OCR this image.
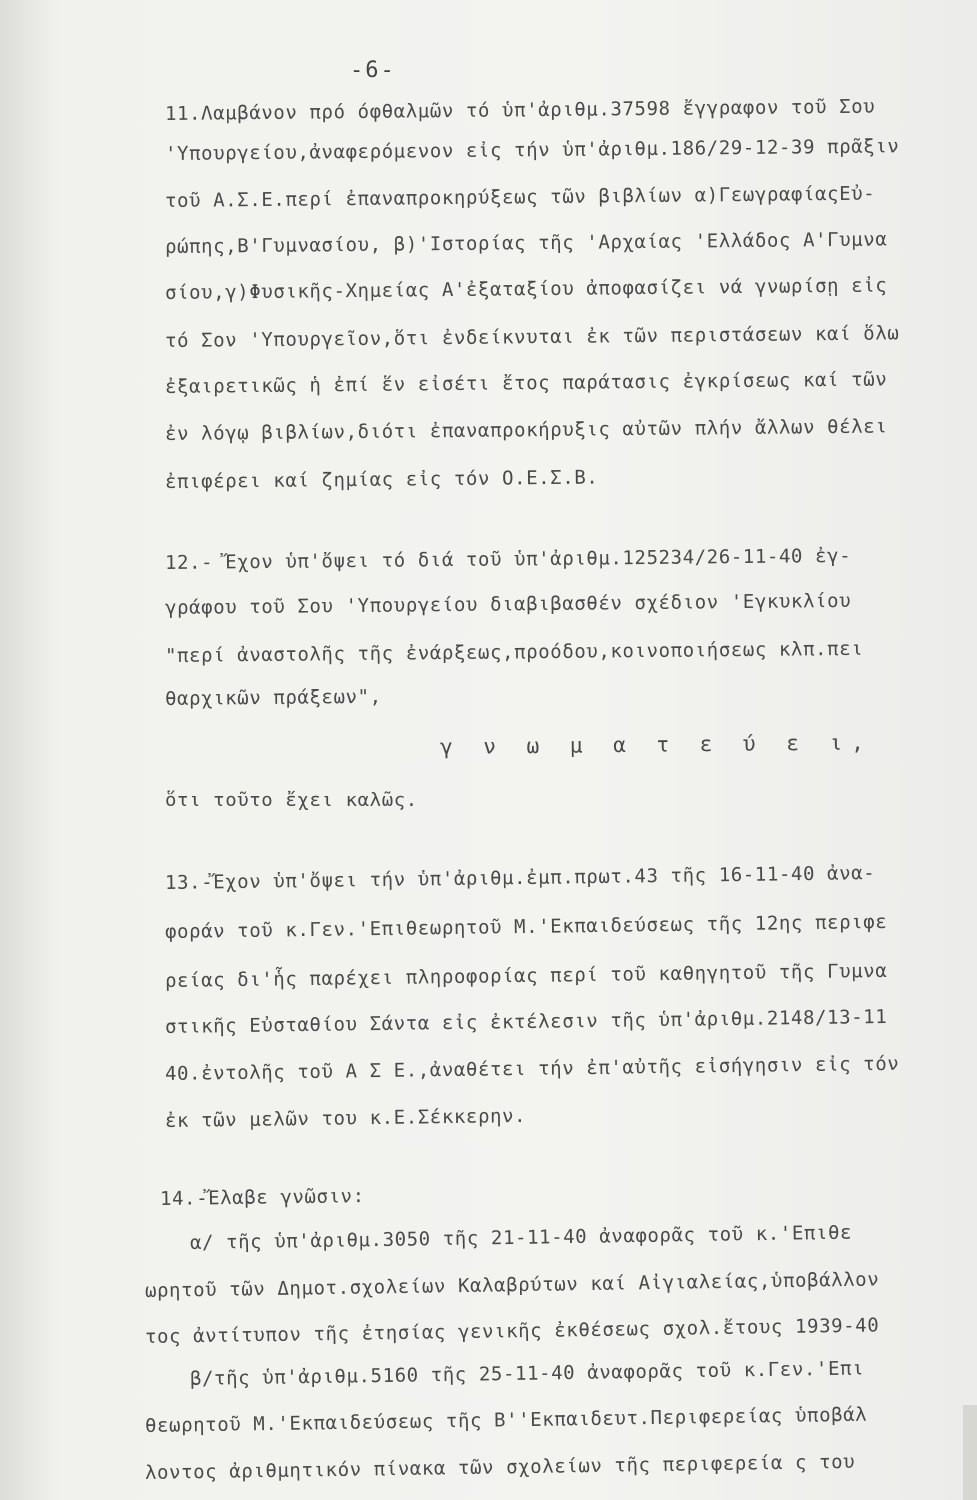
-6-
11.Λαμβάνον πρό όφθαλμῶν τό ὑπ'ἀριθμ.37598 ἔγγραφον τοῦ Σου
'Υπουργείου,ἀναφερόμενον εἰς τήν ὑπ'ἀριθμ.186/29-12-39 πρᾶξιν
τοῦ Α.Σ.Ε.περί ἐπαναπροκηρύξεως τῶν βιβλίων α)ΓεωγραφίαςΕὐ-
ρώπης,Β'Γυμνασίου, β)'Ιστορίας τῆς 'Αρχαίας 'Ελλάδος Α'Γυμνα
σίου,γ)Φυσικῆς-Χημείας Α'ἐξαταξίου ἀποφασίζει νά γνωρίσῃ εἰς
τό Σον 'Υπουργεῖον,ὅτι ἐνδείκνυται ἐκ τῶν περιστάσεων καί ὅλω
ἐξαιρετικῶς ἡ ἐπί ἕν εἰσέτι ἔτος παράτασις ἐγκρίσεως καί τῶν
ἐν λόγῳ βιβλίων,διότι ἐπαναπροκήρυξις αὐτῶν πλήν ἄλλων θέλει
ἐπιφέρει καί ζημίας εἰς τόν Ο.Ε.Σ.Β.
12.- Ἔχον ὑπ'ὄψει τό διά τοῦ ὑπ'ἀριθμ.125234/26-11-40 ἐγ-
γράφου τοῦ Σου 'Υπουργείου διαβιβασθέν σχέδιον 'Εγκυκλίου
"περί ἀναστολῆς τῆς ἐνάρξεως,προόδου,κοινοποιήσεως κλπ.πει
θαρχικῶν πράξεων",
γ ν ω μ α τ ε ύ ε ι,
ὅτι τοῦτο ἔχει καλῶς.
13.-Ἔχον ὑπ'ὄψει τήν ὑπ'ἀριθμ.ἐμπ.πρωτ.43 τῆς 16-11-40 ἀνα-
φοράν τοῦ κ.Γεν.'Επιθεωρητοῦ Μ.'Εκπαιδεύσεως τῆς 12ης περιφε
ρείας δι'ἧς παρέχει πληροφορίας περί τοῦ καθηγητοῦ τῆς Γυμνα
στικῆς Εὐσταθίου Σάντα εἰς ἐκτέλεσιν τῆς ὑπ'ἀριθμ.2148/13-11
40.ἐντολῆς τοῦ Α Σ Ε.,ἀναθέτει τήν ἐπ'αὐτῆς εἰσήγησιν εἰς τόν
ἐκ τῶν μελῶν του κ.Ε.Σέκκερην.
14.-Ἔλαβε γνῶσιν:
α/ τῆς ὑπ'ἀριθμ.3050 τῆς 21-11-40 ἀναφορᾶς τοῦ κ.'Επιθε
ωρητοῦ τῶν Δημοτ.σχολείων Καλαβρύτων καί Αἰγιαλείας,ὑποβάλλον
τος ἀντίτυπον τῆς ἐτησίας γενικῆς ἐκθέσεως σχολ.ἔτους 1939-40
β/τῆς ὑπ'ἀριθμ.5160 τῆς 25-11-40 ἀναφορᾶς τοῦ κ.Γεν.'Επι
θεωρητοῦ Μ.'Εκπαιδεύσεως τῆς Β''Εκπαιδευτ.Περιφερείας ὑποβάλ
λοντος ἀριθμητικόν πίνακα τῶν σχολείων τῆς περιφερεία ς του
